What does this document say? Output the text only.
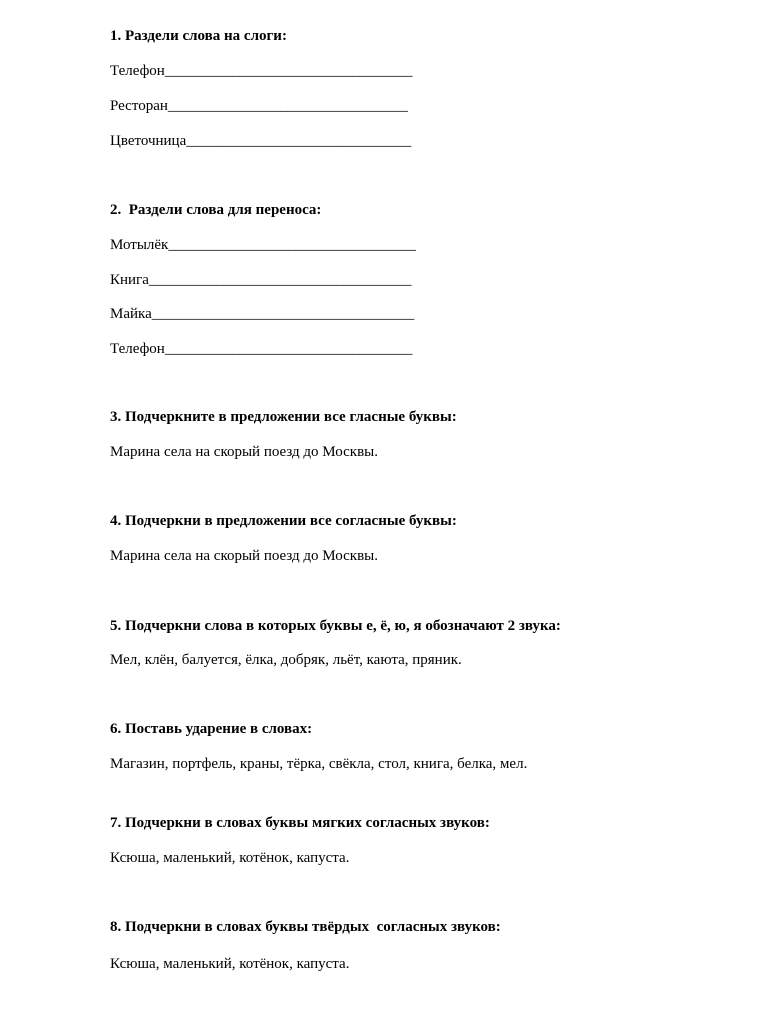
1. Раздели слова на слоги:
Телефон_________________________________
Ресторан________________________________
Цветочница______________________________
2.  Раздели слова для переноса:
Мотылёк_________________________________
Книга___________________________________
Майка___________________________________
Телефон_________________________________
3. Подчеркните в предложении все гласные буквы:
Марина села на скорый поезд до Москвы.
4. Подчеркни в предложении все согласные буквы:
Марина села на скорый поезд до Москвы.
5. Подчеркни слова в которых буквы е, ё, ю, я обозначают 2 звука:
Мел, клён, балуется, ёлка, добряк, льёт, каюта, пряник.
6. Поставь ударение в словах:
Магазин, портфель, краны, тёрка, свёкла, стол, книга, белка, мел.
7. Подчеркни в словах буквы мягких согласных звуков:
Ксюша, маленький, котёнок, капуста.
8. Подчеркни в словах буквы твёрдых  согласных звуков:
Ксюша, маленький, котёнок, капуста.
